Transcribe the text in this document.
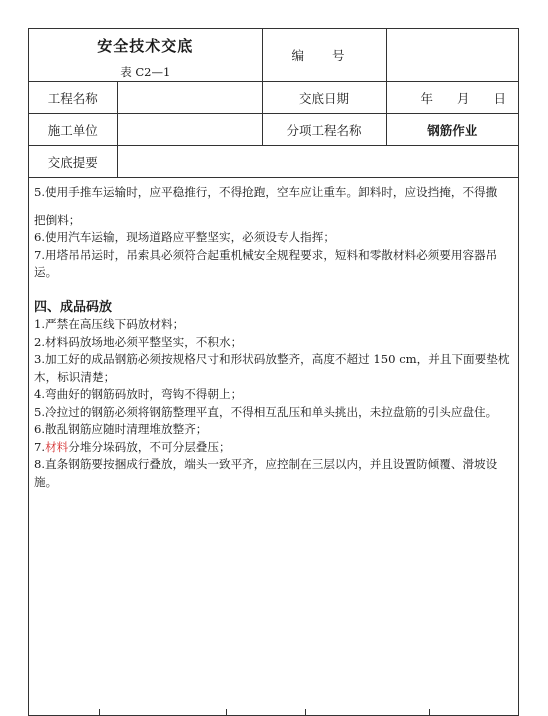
安全技术交底
表 C2—1		编 号	
工程名称		交底日期	年 月 日
施工单位		分项工程名称	钢筋作业
交底提要			

5.使用手推车运输时，应平稳推行，不得抢跑，空车应让重车。卸料时，应设挡掩，不得撒

把倒料；

6.使用汽车运输，现场道路应平整坚实，必须设专人指挥；

7.用塔吊吊运时，吊索具必须符合起重机械安全规程要求，短料和零散材料必须要用容器吊运。

四、成品码放

1.严禁在高压线下码放材料；

2.材料码放场地必须平整坚实，不积水；

3.加工好的成品钢筋必须按规格尺寸和形状码放整齐，高度不超过 150 cm，并且下面要垫枕木，标识清楚；

4.弯曲好的钢筋码放时，弯钩不得朝上；

5.冷拉过的钢筋必须将钢筋整理平直，不得相互乱压和单头挑出，未拉盘筋的引头应盘住。

6.散乱钢筋应随时清理堆放整齐；

7.材料分堆分垛码放，不可分层叠压；

8.直条钢筋要按捆成行叠放，端头一致平齐，应控制在三层以内，并且设置防倾覆、滑坡设施。
